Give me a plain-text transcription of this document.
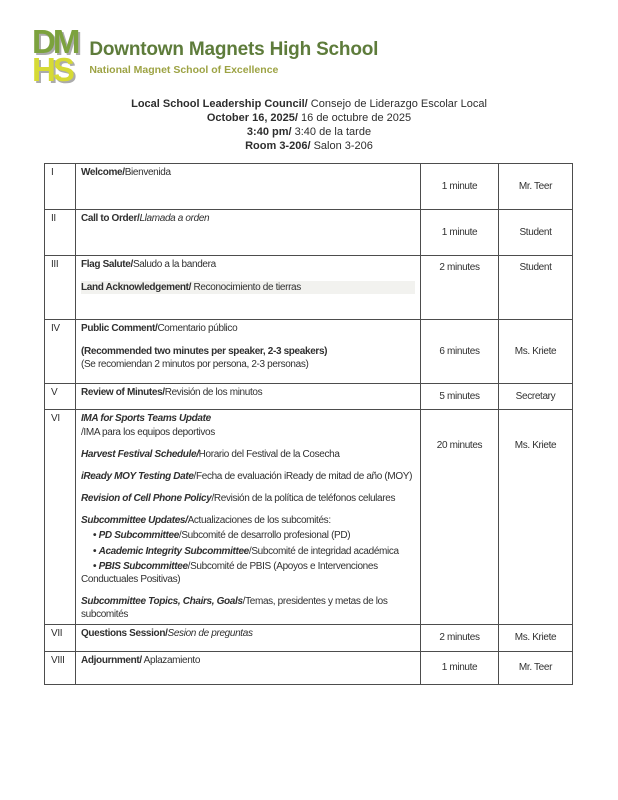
DM
HS
Downtown Magnets High School
National Magnet School of Excellence
Local School Leadership Council/ Consejo de Liderazgo Escolar Local
October 16, 2025/ 16 de octubre de 2025
3:40 pm/ 3:40 de la tarde
Room 3-206/ Salon 3-206
I	Welcome/Bienvenida	1 minute	Mr. Teer
II	Call to Order/Llamada a orden	1 minute	Student
III	Flag Salute/Saludo a la bandera
Land Acknowledgement/ Reconocimiento de tierras	2 minutes	Student
IV	Public Comment/Comentario público
(Recommended two minutes per speaker, 2-3 speakers)
(Se recomiendan 2 minutos por persona, 2-3 personas)	6 minutes	Ms. Kriete
V	Review of Minutes/Revisión de los minutos	5 minutes	Secretary
VI	IMA for Sports Teams Update
/IMA para los equipos deportivos
Harvest Festival Schedule/Horario del Festival de la Cosecha
iReady MOY Testing Date/Fecha de evaluación iReady de mitad de año (MOY)
Revision of Cell Phone Policy/Revisión de la política de teléfonos celulares
Subcommittee Updates/Actualizaciones de los subcomités:
• PD Subcommittee/Subcomité de desarrollo profesional (PD)
• Academic Integrity Subcommittee/Subcomité de integridad académica
• PBIS Subcommittee/Subcomité de PBIS (Apoyos e Intervenciones Conductuales Positivas)
Subcommittee Topics, Chairs, Goals/Temas, presidentes y metas de los subcomités
	20 minutes	Ms. Kriete
VII	Questions Session/Sesion de preguntas	2 minutes	Ms. Kriete
VIII	Adjournment/ Aplazamiento	1 minute	Mr. Teer
